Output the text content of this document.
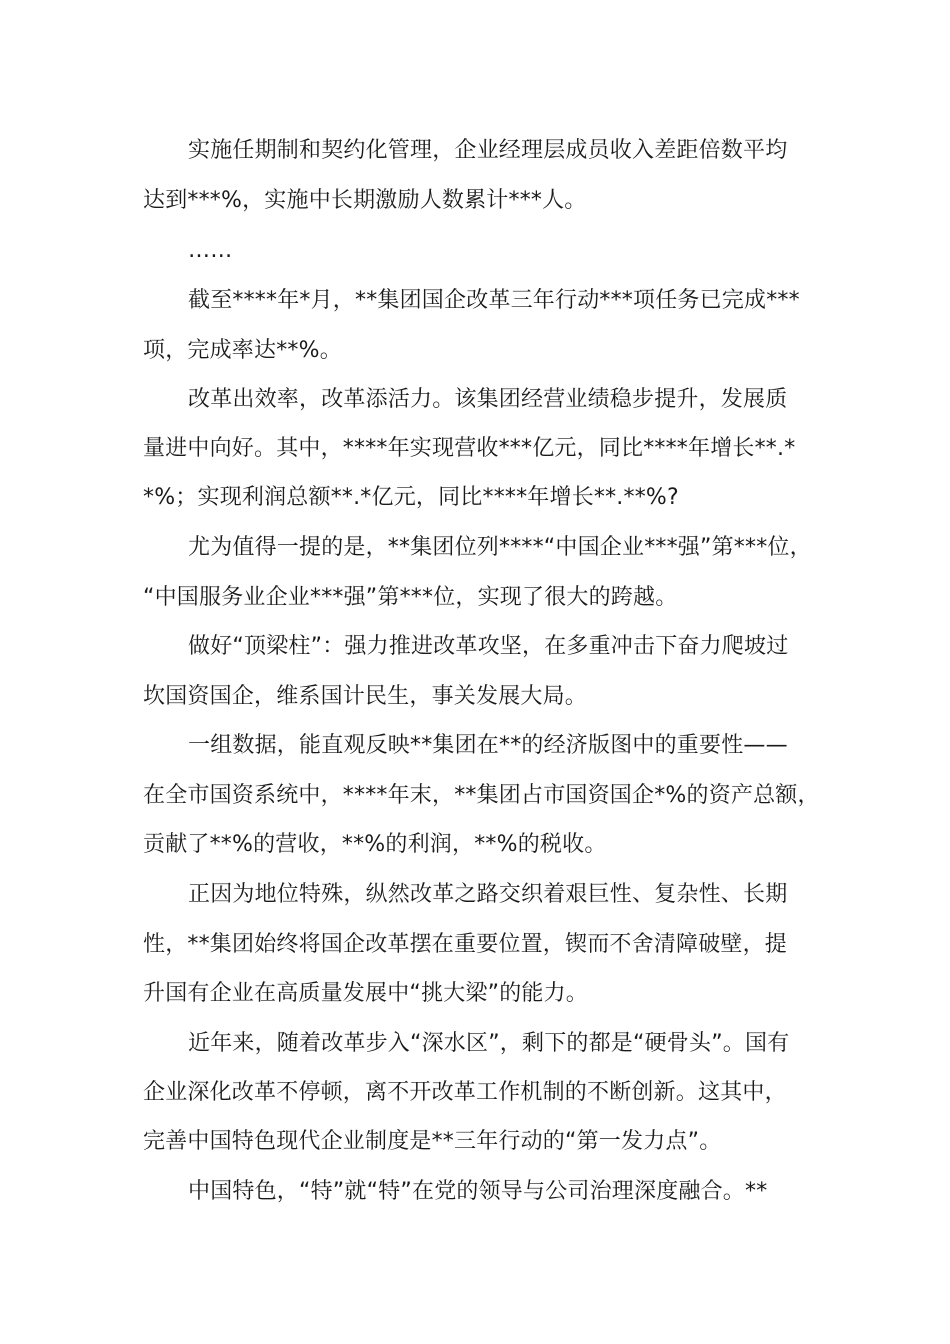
实施任期制和契约化管理，企业经理层成员收入差距倍数平均
达到***%，实施中长期激励人数累计***人。
……
截至****年*月，**集团国企改革三年行动***项任务已完成***
项，完成率达**%。
改革出效率，改革添活力。该集团经营业绩稳步提升，发展质
量进中向好。其中，****年实现营收***亿元，同比****年增长**.*
*%；实现利润总额**.*亿元，同比****年增长**.**%?
尤为值得一提的是，**集团位列****“中国企业***强”第***位，
“中国服务业企业***强”第***位，实现了很大的跨越。
做好“顶梁柱”：强力推进改革攻坚，在多重冲击下奋力爬坡过
坎国资国企，维系国计民生，事关发展大局。
一组数据，能直观反映**集团在**的经济版图中的重要性——
在全市国资系统中，****年末，**集团占市国资国企*%的资产总额，
贡献了**%的营收，**%的利润，**%的税收。
正因为地位特殊，纵然改革之路交织着艰巨性、复杂性、长期
性，**集团始终将国企改革摆在重要位置，锲而不舍清障破壁，提
升国有企业在高质量发展中“挑大梁”的能力。
近年来，随着改革步入“深水区”，剩下的都是“硬骨头”。国有
企业深化改革不停顿，离不开改革工作机制的不断创新。这其中，
完善中国特色现代企业制度是**三年行动的“第一发力点”。
中国特色，“特”就“特”在党的领导与公司治理深度融合。**
